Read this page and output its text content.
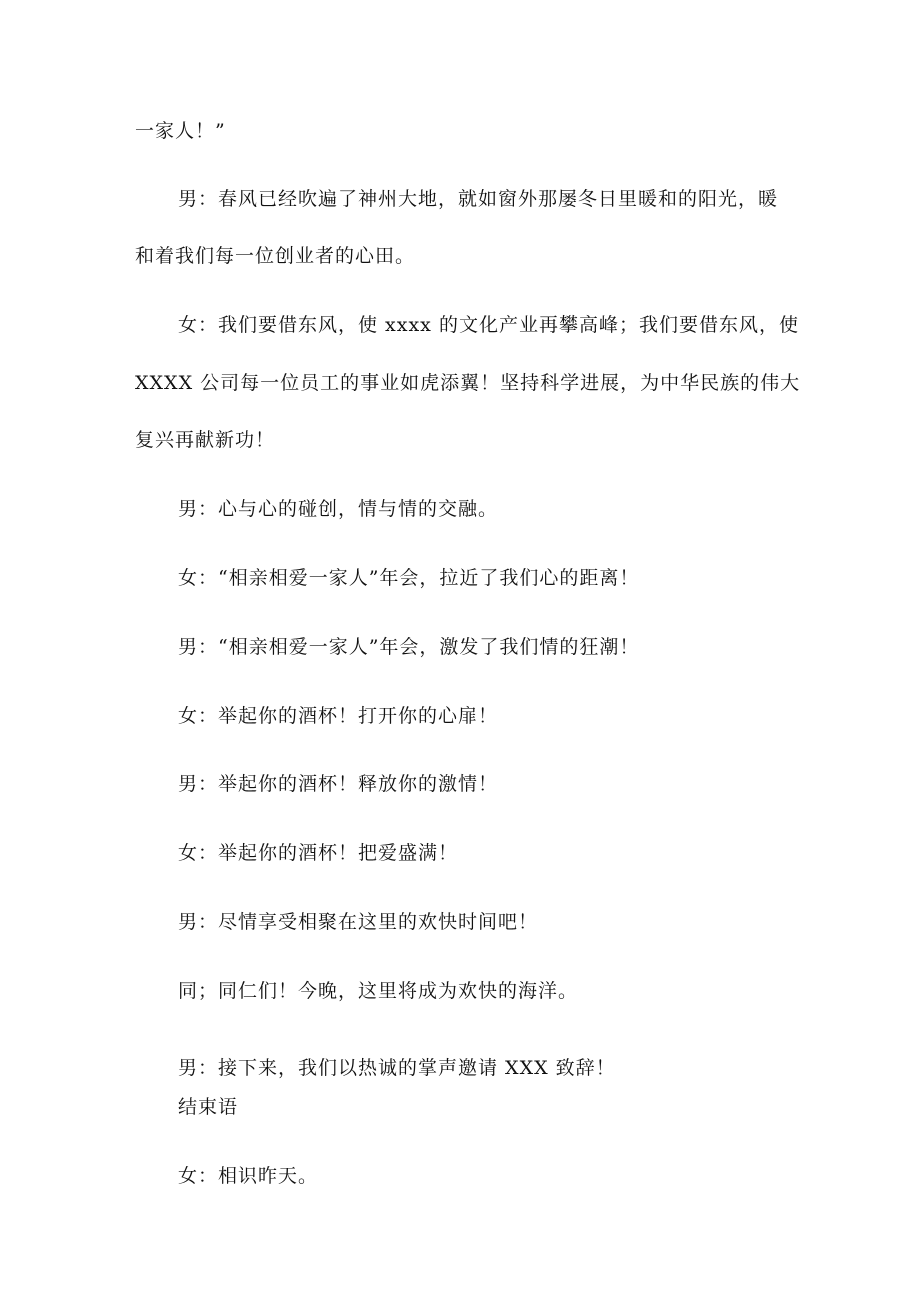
一家人！”
男：春风已经吹遍了神州大地，就如窗外那屡冬日里暖和的阳光，暖
和着我们每一位创业者的心田。
女：我们要借东风，使 xxxx 的文化产业再攀高峰；我们要借东风，使
XXXX 公司每一位员工的事业如虎添翼！坚持科学进展，为中华民族的伟大
复兴再献新功！
男：心与心的碰创，情与情的交融。
女：“相亲相爱一家人”年会，拉近了我们心的距离！
男：“相亲相爱一家人”年会，激发了我们情的狂潮！
女：举起你的酒杯！打开你的心扉！
男：举起你的酒杯！释放你的激情！
女：举起你的酒杯！把爱盛满！
男：尽情享受相聚在这里的欢快时间吧！
同；同仁们！今晚，这里将成为欢快的海洋。
男：接下来，我们以热诚的掌声邀请 XXX 致辞！
结束语
女：相识昨天。
